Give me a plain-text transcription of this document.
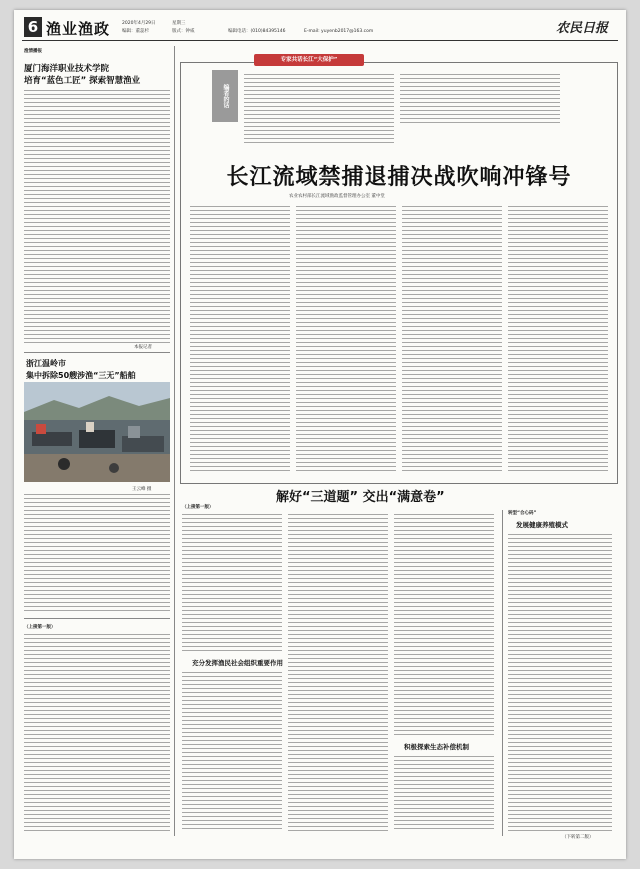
6 渔业渔政	2020年4月29日	星期三
编辑：董蕊杉	版式：钟威	编辑电话：(010)84395146	E-mail: yuyenb2017@163.com	农民日报
渔情播报
厦门海洋职业技术学院
培育“蓝色工匠” 探索智慧渔业
本报记者
浙江温岭市
集中拆除50艘涉渔“三无”船舶
王云峰 摄
（上接第一版）
专家共话长江“大保护”
编者的话
长江流域禁捕退捕决战吹响冲锋号
农业农村部长江流域渔政监督管理办公室 董中堂
解好“三道题” 交出“满意卷”
（上接第一版）
充分发挥渔民社会组织重要作用
积极探索生态补偿机制
转型“合心码”
发展健康养殖模式
（下转第二版）
